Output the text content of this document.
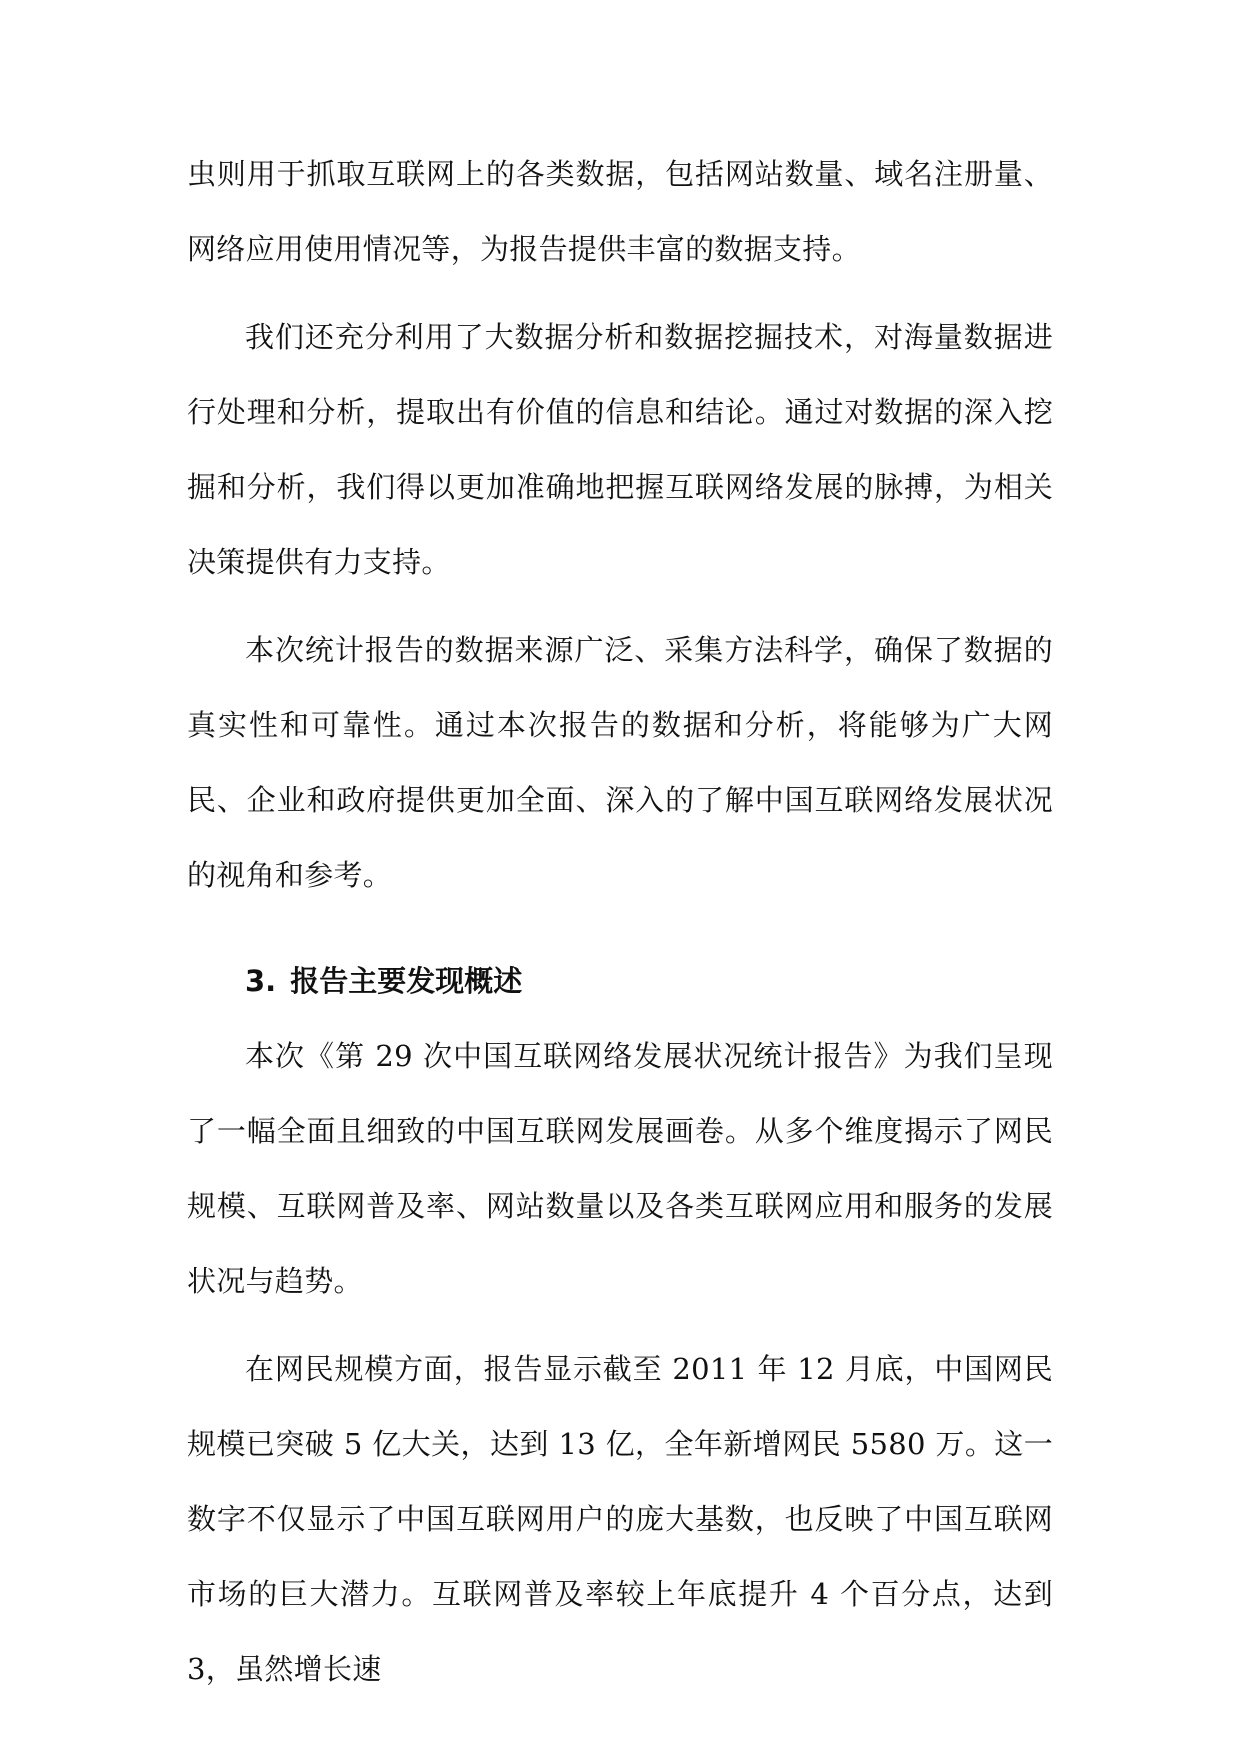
虫则用于抓取互联网上的各类数据，包括网站数量、域名注册量、网络应用使用情况等，为报告提供丰富的数据支持。

我们还充分利用了大数据分析和数据挖掘技术，对海量数据进行处理和分析，提取出有价值的信息和结论。通过对数据的深入挖掘和分析，我们得以更加准确地把握互联网络发展的脉搏，为相关决策提供有力支持。

本次统计报告的数据来源广泛、采集方法科学，确保了数据的真实性和可靠性。通过本次报告的数据和分析，将能够为广大网民、企业和政府提供更加全面、深入的了解中国互联网络发展状况的视角和参考。

3. 报告主要发现概述

本次《第 29 次中国互联网络发展状况统计报告》为我们呈现了一幅全面且细致的中国互联网发展画卷。从多个维度揭示了网民规模、互联网普及率、网站数量以及各类互联网应用和服务的发展状况与趋势。

在网民规模方面，报告显示截至 2011 年 12 月底，中国网民规模已突破 5 亿大关，达到 13 亿，全年新增网民 5580 万。这一数字不仅显示了中国互联网用户的庞大基数，也反映了中国互联网市场的巨大潜力。互联网普及率较上年底提升 4 个百分点，达到 3，虽然增长速
